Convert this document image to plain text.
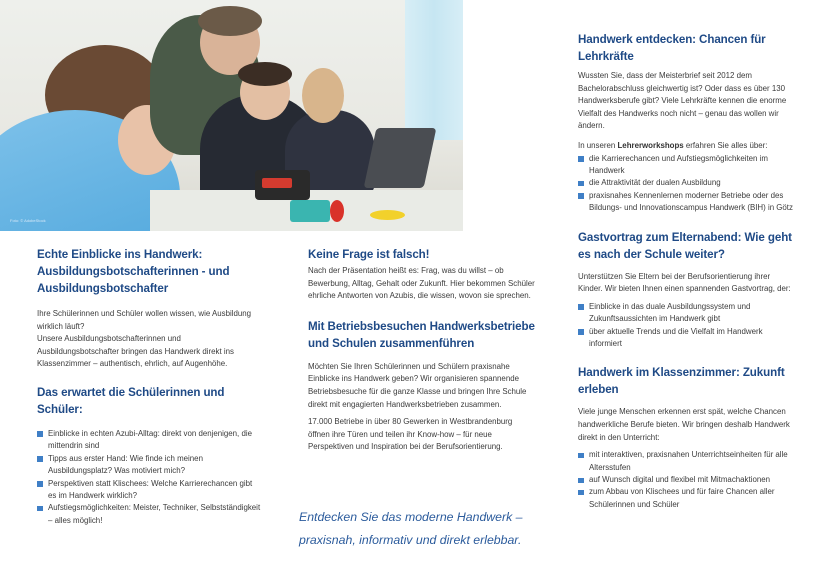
Foto: © AdobeStock
Echte Einblicke ins Handwerk: Ausbildungsbotschafterinnen - und Ausbildungsbotschafter

Ihre Schülerinnen und Schüler wollen wissen, wie Ausbildung wirklich läuft?

Unsere Ausbildungsbotschafterinnen und Ausbildungsbotschafter bringen das Handwerk direkt ins Klassenzimmer – authentisch, ehrlich, auf Augenhöhe.

Das erwartet die Schülerinnen und Schüler:
Einblicke in echten Azubi-Alltag: direkt von denjenigen, die mittendrin sind
Tipps aus erster Hand: Wie finde ich meinen Ausbildungsplatz? Was motiviert mich?
Perspektiven statt Klischees: Welche Karrierechancen gibt es im Handwerk wirklich?
Aufstiegsmöglichkeiten: Meister, Techniker, Selbstständigkeit – alles möglich!
Keine Frage ist falsch!

Nach der Präsentation heißt es: Frag, was du willst – ob Bewerbung, Alltag, Gehalt oder Zukunft. Hier bekommen Schüler ehrliche Antworten von Azubis, die wissen, wovon sie sprechen.

Mit Betriebsbesuchen Handwerksbetriebe und Schulen zusammenführen

Möchten Sie Ihren Schülerinnen und Schülern praxisnahe Einblicke ins Handwerk geben? Wir organisieren spannende Betriebsbesuche für die ganze Klasse und bringen Ihre Schule direkt mit engagierten Handwerksbetrieben zusammen.

17.000 Betriebe in über 80 Gewerken in Westbrandenburg öffnen ihre Türen und teilen ihr Know-how – für neue Perspektiven und Inspiration bei der Berufsorientierung.

Entdecken Sie das moderne Handwerk –
praxisnah, informativ und direkt erlebbar.
Handwerk entdecken: Chancen für Lehrkräfte

Wussten Sie, dass der Meisterbrief seit 2012 dem Bachelorabschluss gleichwertig ist? Oder dass es über 130 Handwerksberufe gibt? Viele Lehrkräfte kennen die enorme Vielfalt des Handwerks noch nicht – genau das wollen wir ändern.

In unseren Lehrerworkshops erfahren Sie alles über:

die Karrierechancen und Aufstiegsmöglichkeiten im Handwerk
die Attraktivität der dualen Ausbildung
praxisnahes Kennenlernen moderner Betriebe oder des Bildungs- und Innovationscampus Handwerk (BIH) in Götz
Gastvortrag zum Elternabend: Wie geht es nach der Schule weiter?

Unterstützen Sie Eltern bei der Berufsorientierung ihrer Kinder. Wir bieten Ihnen einen spannenden Gastvortrag, der:

Einblicke in das duale Ausbildungssystem und Zukunftsaussichten im Handwerk gibt
über aktuelle Trends und die Vielfalt im Handwerk informiert
Handwerk im Klassenzimmer: Zukunft erleben

Viele junge Menschen erkennen erst spät, welche Chancen handwerkliche Berufe bieten. Wir bringen deshalb Handwerk direkt in den Unterricht:

mit interaktiven, praxisnahen Unterrichtseinheiten für alle Altersstufen
auf Wunsch digital und flexibel mit Mitmachaktionen
zum Abbau von Klischees und für faire Chancen aller Schülerinnen und Schüler
